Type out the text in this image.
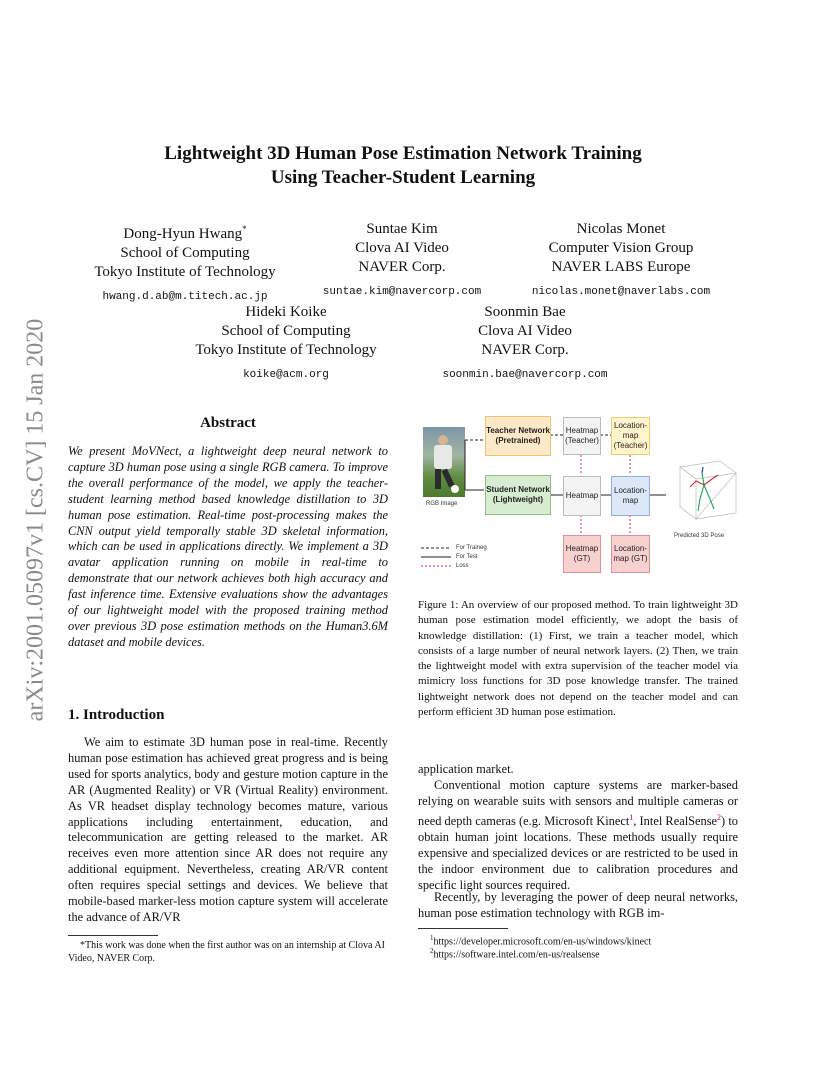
arXiv:2001.05097v1 [cs.CV] 15 Jan 2020
Lightweight 3D Human Pose Estimation Network Training
Using Teacher-Student Learning
Dong-Hyun Hwang*
School of Computing
Tokyo Institute of Technology
hwang.d.ab@m.titech.ac.jp
Suntae Kim
Clova AI Video
NAVER Corp.
suntae.kim@navercorp.com
Nicolas Monet
Computer Vision Group
NAVER LABS Europe
nicolas.monet@naverlabs.com
Hideki Koike
School of Computing
Tokyo Institute of Technology
koike@acm.org
Soonmin Bae
Clova AI Video
NAVER Corp.
soonmin.bae@navercorp.com
Abstract
We present MoVNect, a lightweight deep neural network to capture 3D human pose using a single RGB camera. To improve the overall performance of the model, we apply the teacher-student learning method based knowledge distillation to 3D human pose estimation. Real-time post-processing makes the CNN output yield temporally stable 3D skeletal information, which can be used in applications directly. We implement a 3D avatar application running on mobile in real-time to demonstrate that our network achieves both high accuracy and fast inference time. Extensive evaluations show the advantages of our lightweight model with the proposed training method over previous 3D pose estimation methods on the Human3.6M dataset and mobile devices.
1. Introduction
We aim to estimate 3D human pose in real-time. Recently human pose estimation has achieved great progress and is being used for sports analytics, body and gesture motion capture in the AR (Augmented Reality) or VR (Virtual Reality) environment. As VR headset display technology becomes mature, various applications including entertainment, education, and telecommunication are getting released to the market. AR receives even more attention since AR does not require any additional equipment. Nevertheless, creating AR/VR content often requires special settings and devices. We believe that mobile-based marker-less motion capture system will accelerate the advance of AR/VR
*This work was done when the first author was on an internship at Clova AI Video, NAVER Corp.
RGB Image
Teacher Network (Pretrained)
Student Network (Lightweight)
Heatmap (Teacher)
Location-map (Teacher)
Heatmap
Location-map
Heatmap (GT)
Location-map (GT)
Predicted 3D Pose
For Traineg
For Test
Loss
Figure 1: An overview of our proposed method. To train lightweight 3D human pose estimation model efficiently, we adopt the basis of knowledge distillation: (1) First, we train a teacher model, which consists of a large number of neural network layers. (2) Then, we train the lightweight model with extra supervision of the teacher model via mimicry loss functions for 3D pose knowledge transfer. The trained lightweight network does not depend on the teacher model and can perform efficient 3D human pose estimation.
application market.
Conventional motion capture systems are marker-based relying on wearable suits with sensors and multiple cameras or need depth cameras (e.g. Microsoft Kinect$^1$, Intel RealSense$^2$) to obtain human joint locations. These methods usually require expensive and specialized devices or are restricted to be used in the indoor environment due to calibration procedures and specific light sources required.
Recently, by leveraging the power of deep neural networks, human pose estimation technology with RGB im-
$^1$https://developer.microsoft.com/en-us/windows/kinect
$^2$https://software.intel.com/en-us/realsense
